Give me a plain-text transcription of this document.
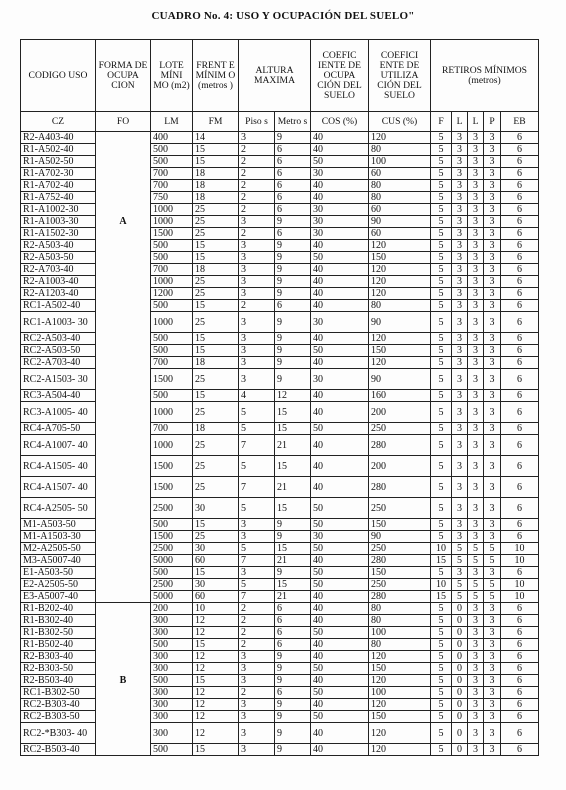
CUADRO No. 4: USO Y OCUPACIÓN DEL SUELO"
CODIGO USO	FORMA DE OCUPA CION	LOTE MÍNI MO (m2)	FRENT E MÍNIM O (metros )	ALTURA MAXIMA		COEFIC IENTE DE OCUPA CIÓN DEL SUELO	COEFICI ENTE DE UTILIZA CIÓN DEL SUELO	RETIROS MÍNIMOS (metros)				
CZ	FO	LM	FM	Piso s	Metro s	COS (%)	CUS (%)	F	L	L	P	EB
R2-A403-40		400	14	3	9	40	120	5	3	3	3	6
R1-A502-40		500	15	2	6	40	80	5	3	3	3	6
R1-A502-50		500	15	2	6	50	100	5	3	3	3	6
R1-A702-30		700	18	2	6	30	60	5	3	3	3	6
R1-A702-40		700	18	2	6	40	80	5	3	3	3	6
R1-A752-40		750	18	2	6	40	80	5	3	3	3	6
R1-A1002-30		1000	25	2	6	30	60	5	3	3	3	6
R1-A1003-30	A	1000	25	3	9	30	90	5	3	3	3	6
R1-A1502-30		1500	25	2	6	30	60	5	3	3	3	6
R2-A503-40		500	15	3	9	40	120	5	3	3	3	6
R2-A503-50		500	15	3	9	50	150	5	3	3	3	6
R2-A703-40		700	18	3	9	40	120	5	3	3	3	6
R2-A1003-40		1000	25	3	9	40	120	5	3	3	3	6
R2-A1203-40		1200	25	3	9	40	120	5	3	3	3	6
RC1-A502-40		500	15	2	6	40	80	5	3	3	3	6
RC1-A1003- 30		1000	25	3	9	30	90	5	3	3	3	6
RC2-A503-40		500	15	3	9	40	120	5	3	3	3	6
RC2-A503-50		500	15	3	9	50	150	5	3	3	3	6
RC2-A703-40		700	18	3	9	40	120	5	3	3	3	6
RC2-A1503- 30		1500	25	3	9	30	90	5	3	3	3	6
RC3-A504-40		500	15	4	12	40	160	5	3	3	3	6
RC3-A1005- 40		1000	25	5	15	40	200	5	3	3	3	6
RC4-A705-50		700	18	5	15	50	250	5	3	3	3	6
RC4-A1007- 40		1000	25	7	21	40	280	5	3	3	3	6
RC4-A1505- 40		1500	25	5	15	40	200	5	3	3	3	6
RC4-A1507- 40		1500	25	7	21	40	280	5	3	3	3	6
RC4-A2505- 50		2500	30	5	15	50	250	5	3	3	3	6
M1-A503-50		500	15	3	9	50	150	5	3	3	3	6
M1-A1503-30		1500	25	3	9	30	90	5	3	3	3	6
M2-A2505-50		2500	30	5	15	50	250	10	5	5	5	10
M3-A5007-40		5000	60	7	21	40	280	15	5	5	5	10
E1-A503-50		500	15	3	9	50	150	5	3	3	3	6
E2-A2505-50		2500	30	5	15	50	250	10	5	5	5	10
E3-A5007-40		5000	60	7	21	40	280	15	5	5	5	10
R1-B202-40		200	10	2	6	40	80	5	0	3	3	6
R1-B302-40		300	12	2	6	40	80	5	0	3	3	6
R1-B302-50		300	12	2	6	50	100	5	0	3	3	6
R1-B502-40		500	15	2	6	40	80	5	0	3	3	6
R2-B303-40		300	12	3	9	40	120	5	0	3	3	6
R2-B303-50		300	12	3	9	50	150	5	0	3	3	6
R2-B503-40	B	500	15	3	9	40	120	5	0	3	3	6
RC1-B302-50		300	12	2	6	50	100	5	0	3	3	6
RC2-B303-40		300	12	3	9	40	120	5	0	3	3	6
RC2-B303-50		300	12	3	9	50	150	5	0	3	3	6
RC2-*B303- 40		300	12	3	9	40	120	5	0	3	3	6
RC2-B503-40		500	15	3	9	40	120	5	0	3	3	6
